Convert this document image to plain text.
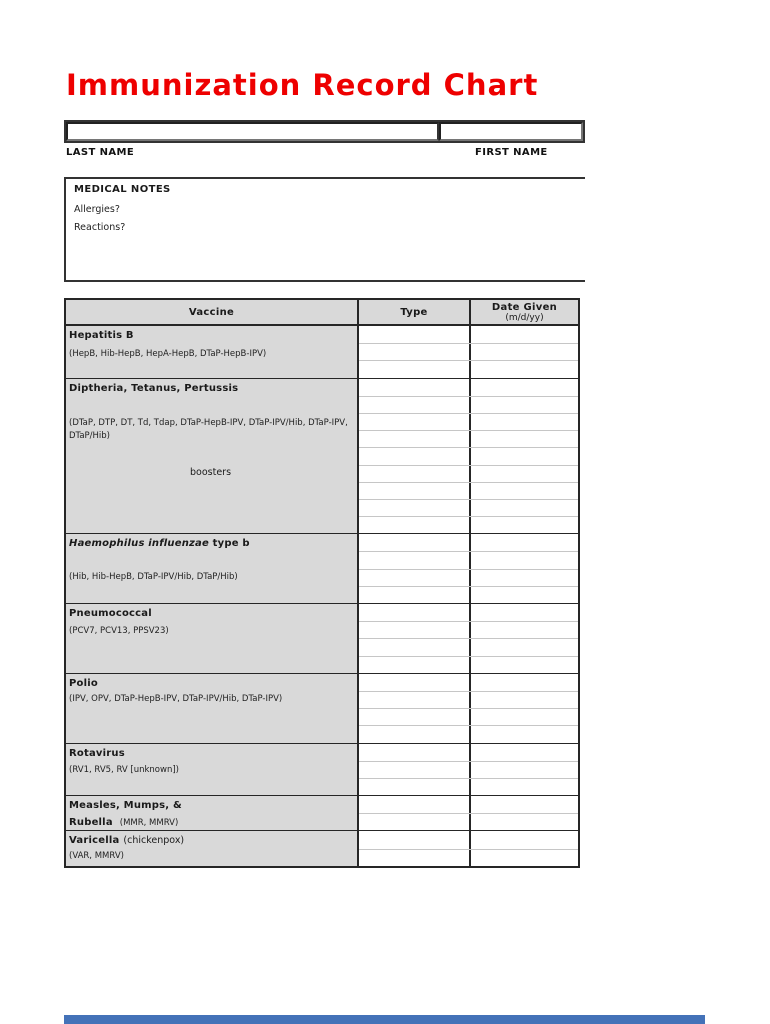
Immunization Record Chart
LAST NAME	FIRST NAME
MEDICAL NOTES
Allergies?
Reactions?
Vaccine	Type	Date Given
(m/d/yy)
Hepatitis B
(HepB, Hib-HepB, HepA-HepB, DTaP-HepB-IPV)
Diptheria, Tetanus, Pertussis
(DTaP, DTP, DT, Td, Tdap, DTaP-HepB-IPV, DTaP-IPV/Hib, DTaP-IPV, DTaP/Hib)
boosters
Haemophilus influenzae type b
(Hib, Hib-HepB, DTaP-IPV/Hib, DTaP/Hib)
Pneumococcal
(PCV7, PCV13, PPSV23)
Polio
(IPV, OPV, DTaP-HepB-IPV, DTaP-IPV/Hib, DTaP-IPV)
Rotavirus
(RV1, RV5, RV [unknown])
Measles, Mumps, &
Rubella (MMR, MMRV)
Varicella (chickenpox)
(VAR, MMRV)
